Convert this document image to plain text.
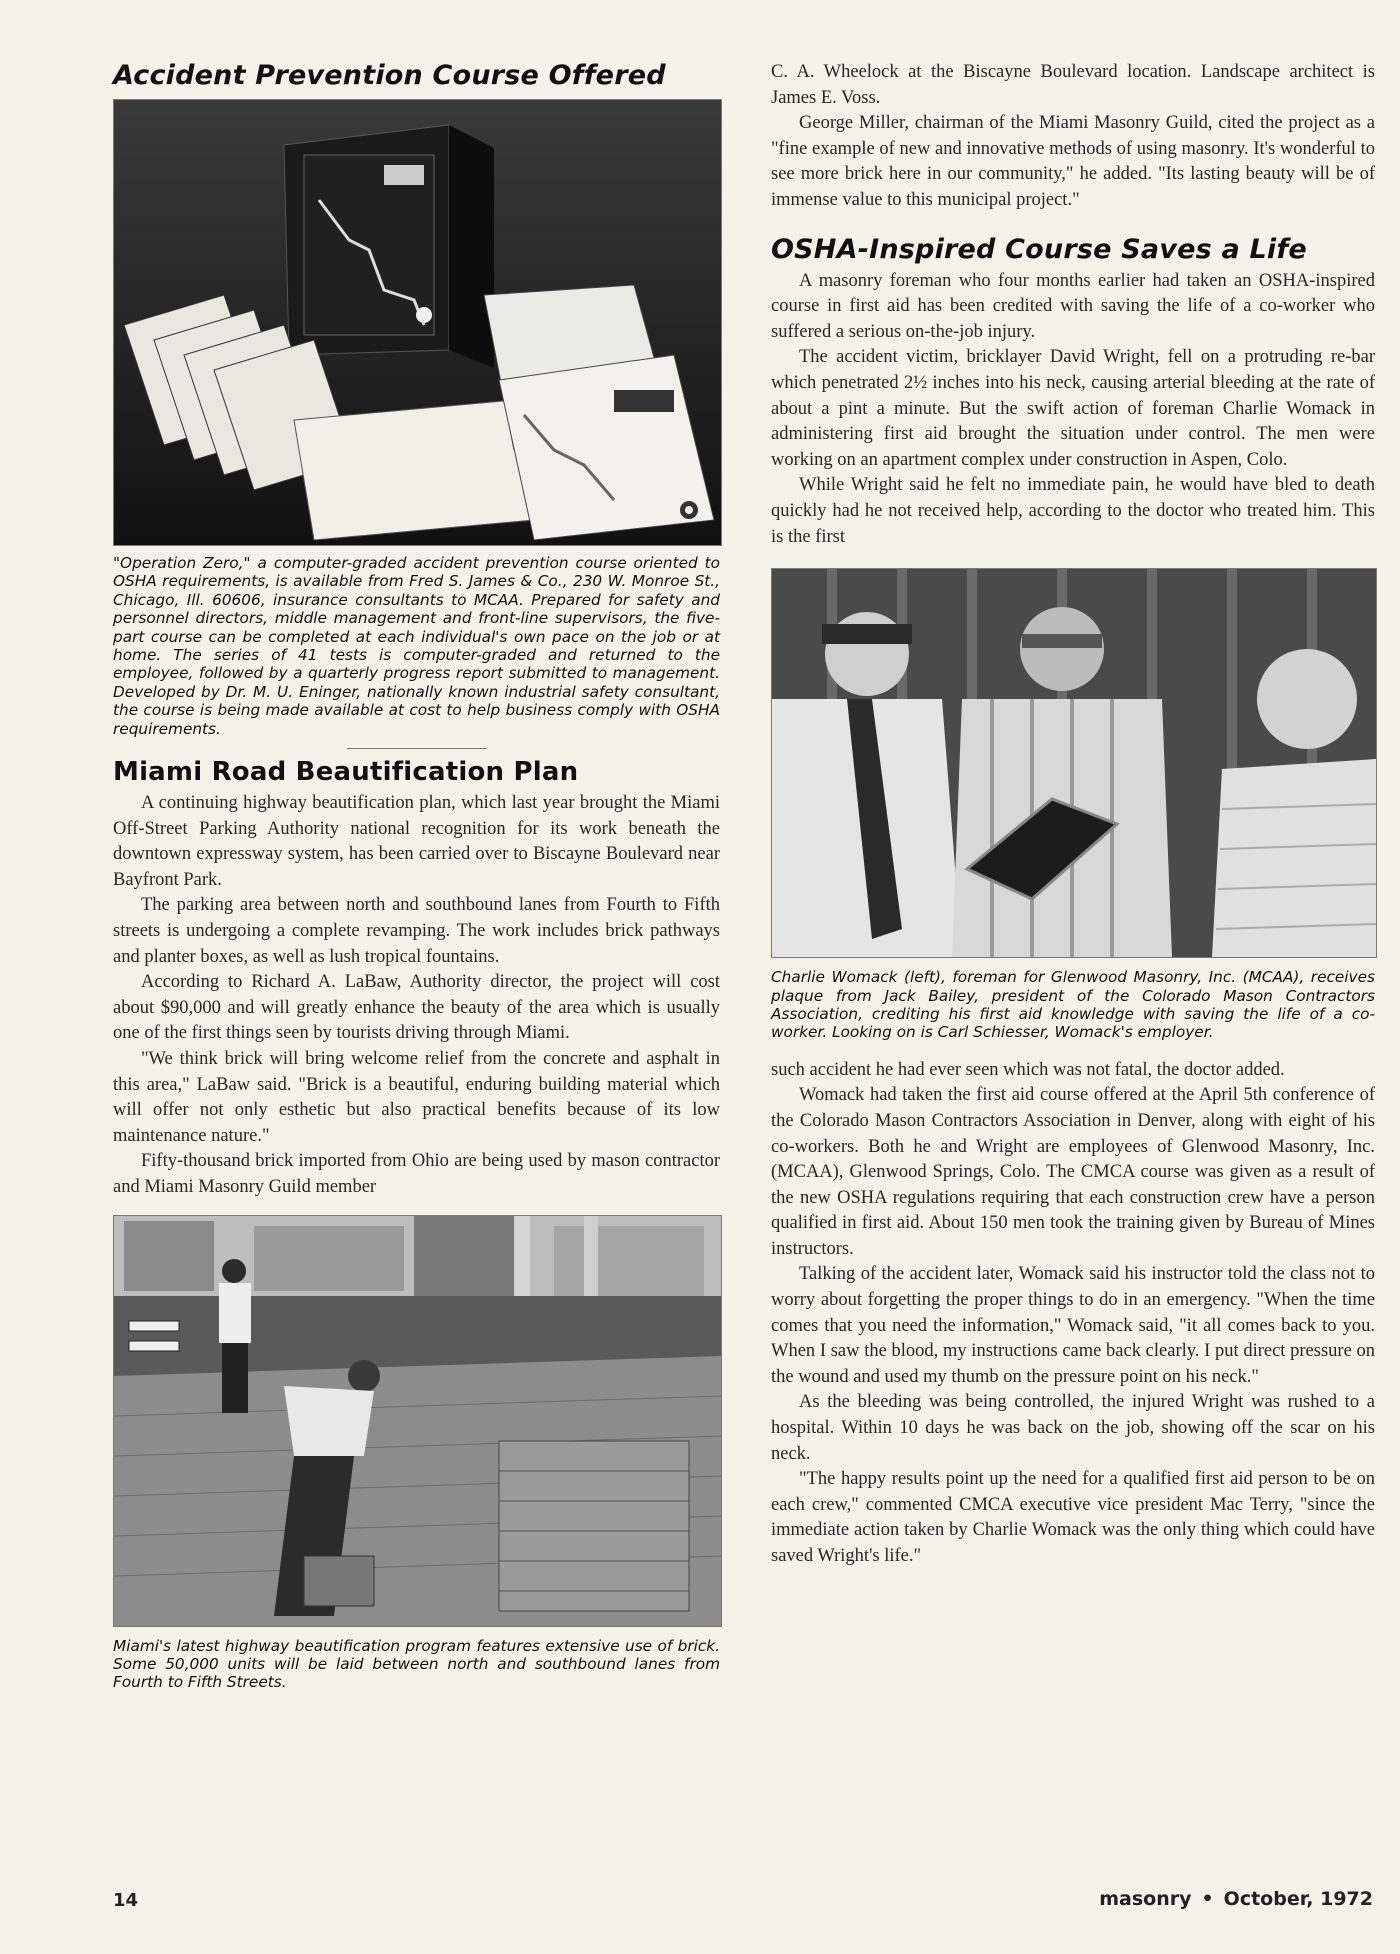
Accident Prevention Course Offered

"Operation Zero," a computer-graded accident prevention course oriented to OSHA requirements, is available from Fred S. James & Co., 230 W. Monroe St., Chicago, Ill. 60606, insurance consultants to MCAA. Prepared for safety and personnel directors, middle management and front-line supervisors, the five-part course can be completed at each individual's own pace on the job or at home. The series of 41 tests is computer-graded and returned to the employee, followed by a quarterly progress report submitted to management. Developed by Dr. M. U. Eninger, nationally known industrial safety consultant, the course is being made available at cost to help business comply with OSHA requirements.

Miami Road Beautification Plan

A continuing highway beautification plan, which last year brought the Miami Off-Street Parking Authority national recognition for its work beneath the downtown expressway system, has been carried over to Biscayne Boulevard near Bayfront Park.

The parking area between north and southbound lanes from Fourth to Fifth streets is undergoing a complete revamping. The work includes brick pathways and planter boxes, as well as lush tropical fountains.

According to Richard A. LaBaw, Authority director, the project will cost about $90,000 and will greatly enhance the beauty of the area which is usually one of the first things seen by tourists driving through Miami.

"We think brick will bring welcome relief from the concrete and asphalt in this area," LaBaw said. "Brick is a beautiful, enduring building material which will offer not only esthetic but also practical benefits because of its low maintenance nature."

Fifty-thousand brick imported from Ohio are being used by mason contractor and Miami Masonry Guild member

Miami's latest highway beautification program features extensive use of brick. Some 50,000 units will be laid between north and southbound lanes from Fourth to Fifth Streets.

C. A. Wheelock at the Biscayne Boulevard location. Landscape architect is James E. Voss.

George Miller, chairman of the Miami Masonry Guild, cited the project as a "fine example of new and innovative methods of using masonry. It's wonderful to see more brick here in our community," he added. "Its lasting beauty will be of immense value to this municipal project."

OSHA-Inspired Course Saves a Life

A masonry foreman who four months earlier had taken an OSHA-inspired course in first aid has been credited with saving the life of a co-worker who suffered a serious on-the-job injury.

The accident victim, bricklayer David Wright, fell on a protruding re-bar which penetrated 2½ inches into his neck, causing arterial bleeding at the rate of about a pint a minute. But the swift action of foreman Charlie Womack in administering first aid brought the situation under control. The men were working on an apartment complex under construction in Aspen, Colo.

While Wright said he felt no immediate pain, he would have bled to death quickly had he not received help, according to the doctor who treated him. This is the first

Charlie Womack (left), foreman for Glenwood Masonry, Inc. (MCAA), receives plaque from Jack Bailey, president of the Colorado Mason Contractors Association, crediting his first aid knowledge with saving the life of a co-worker. Looking on is Carl Schiesser, Womack's employer.

such accident he had ever seen which was not fatal, the doctor added.

Womack had taken the first aid course offered at the April 5th conference of the Colorado Mason Contractors Association in Denver, along with eight of his co-workers. Both he and Wright are employees of Glenwood Masonry, Inc. (MCAA), Glenwood Springs, Colo. The CMCA course was given as a result of the new OSHA regulations requiring that each construction crew have a person qualified in first aid. About 150 men took the training given by Bureau of Mines instructors.

Talking of the accident later, Womack said his instructor told the class not to worry about forgetting the proper things to do in an emergency. "When the time comes that you need the information," Womack said, "it all comes back to you. When I saw the blood, my instructions came back clearly. I put direct pressure on the wound and used my thumb on the pressure point on his neck."

As the bleeding was being controlled, the injured Wright was rushed to a hospital. Within 10 days he was back on the job, showing off the scar on his neck.

"The happy results point up the need for a qualified first aid person to be on each crew," commented CMCA executive vice president Mac Terry, "since the immediate action taken by Charlie Womack was the only thing which could have saved Wright's life."

14	masonry • October, 1972
